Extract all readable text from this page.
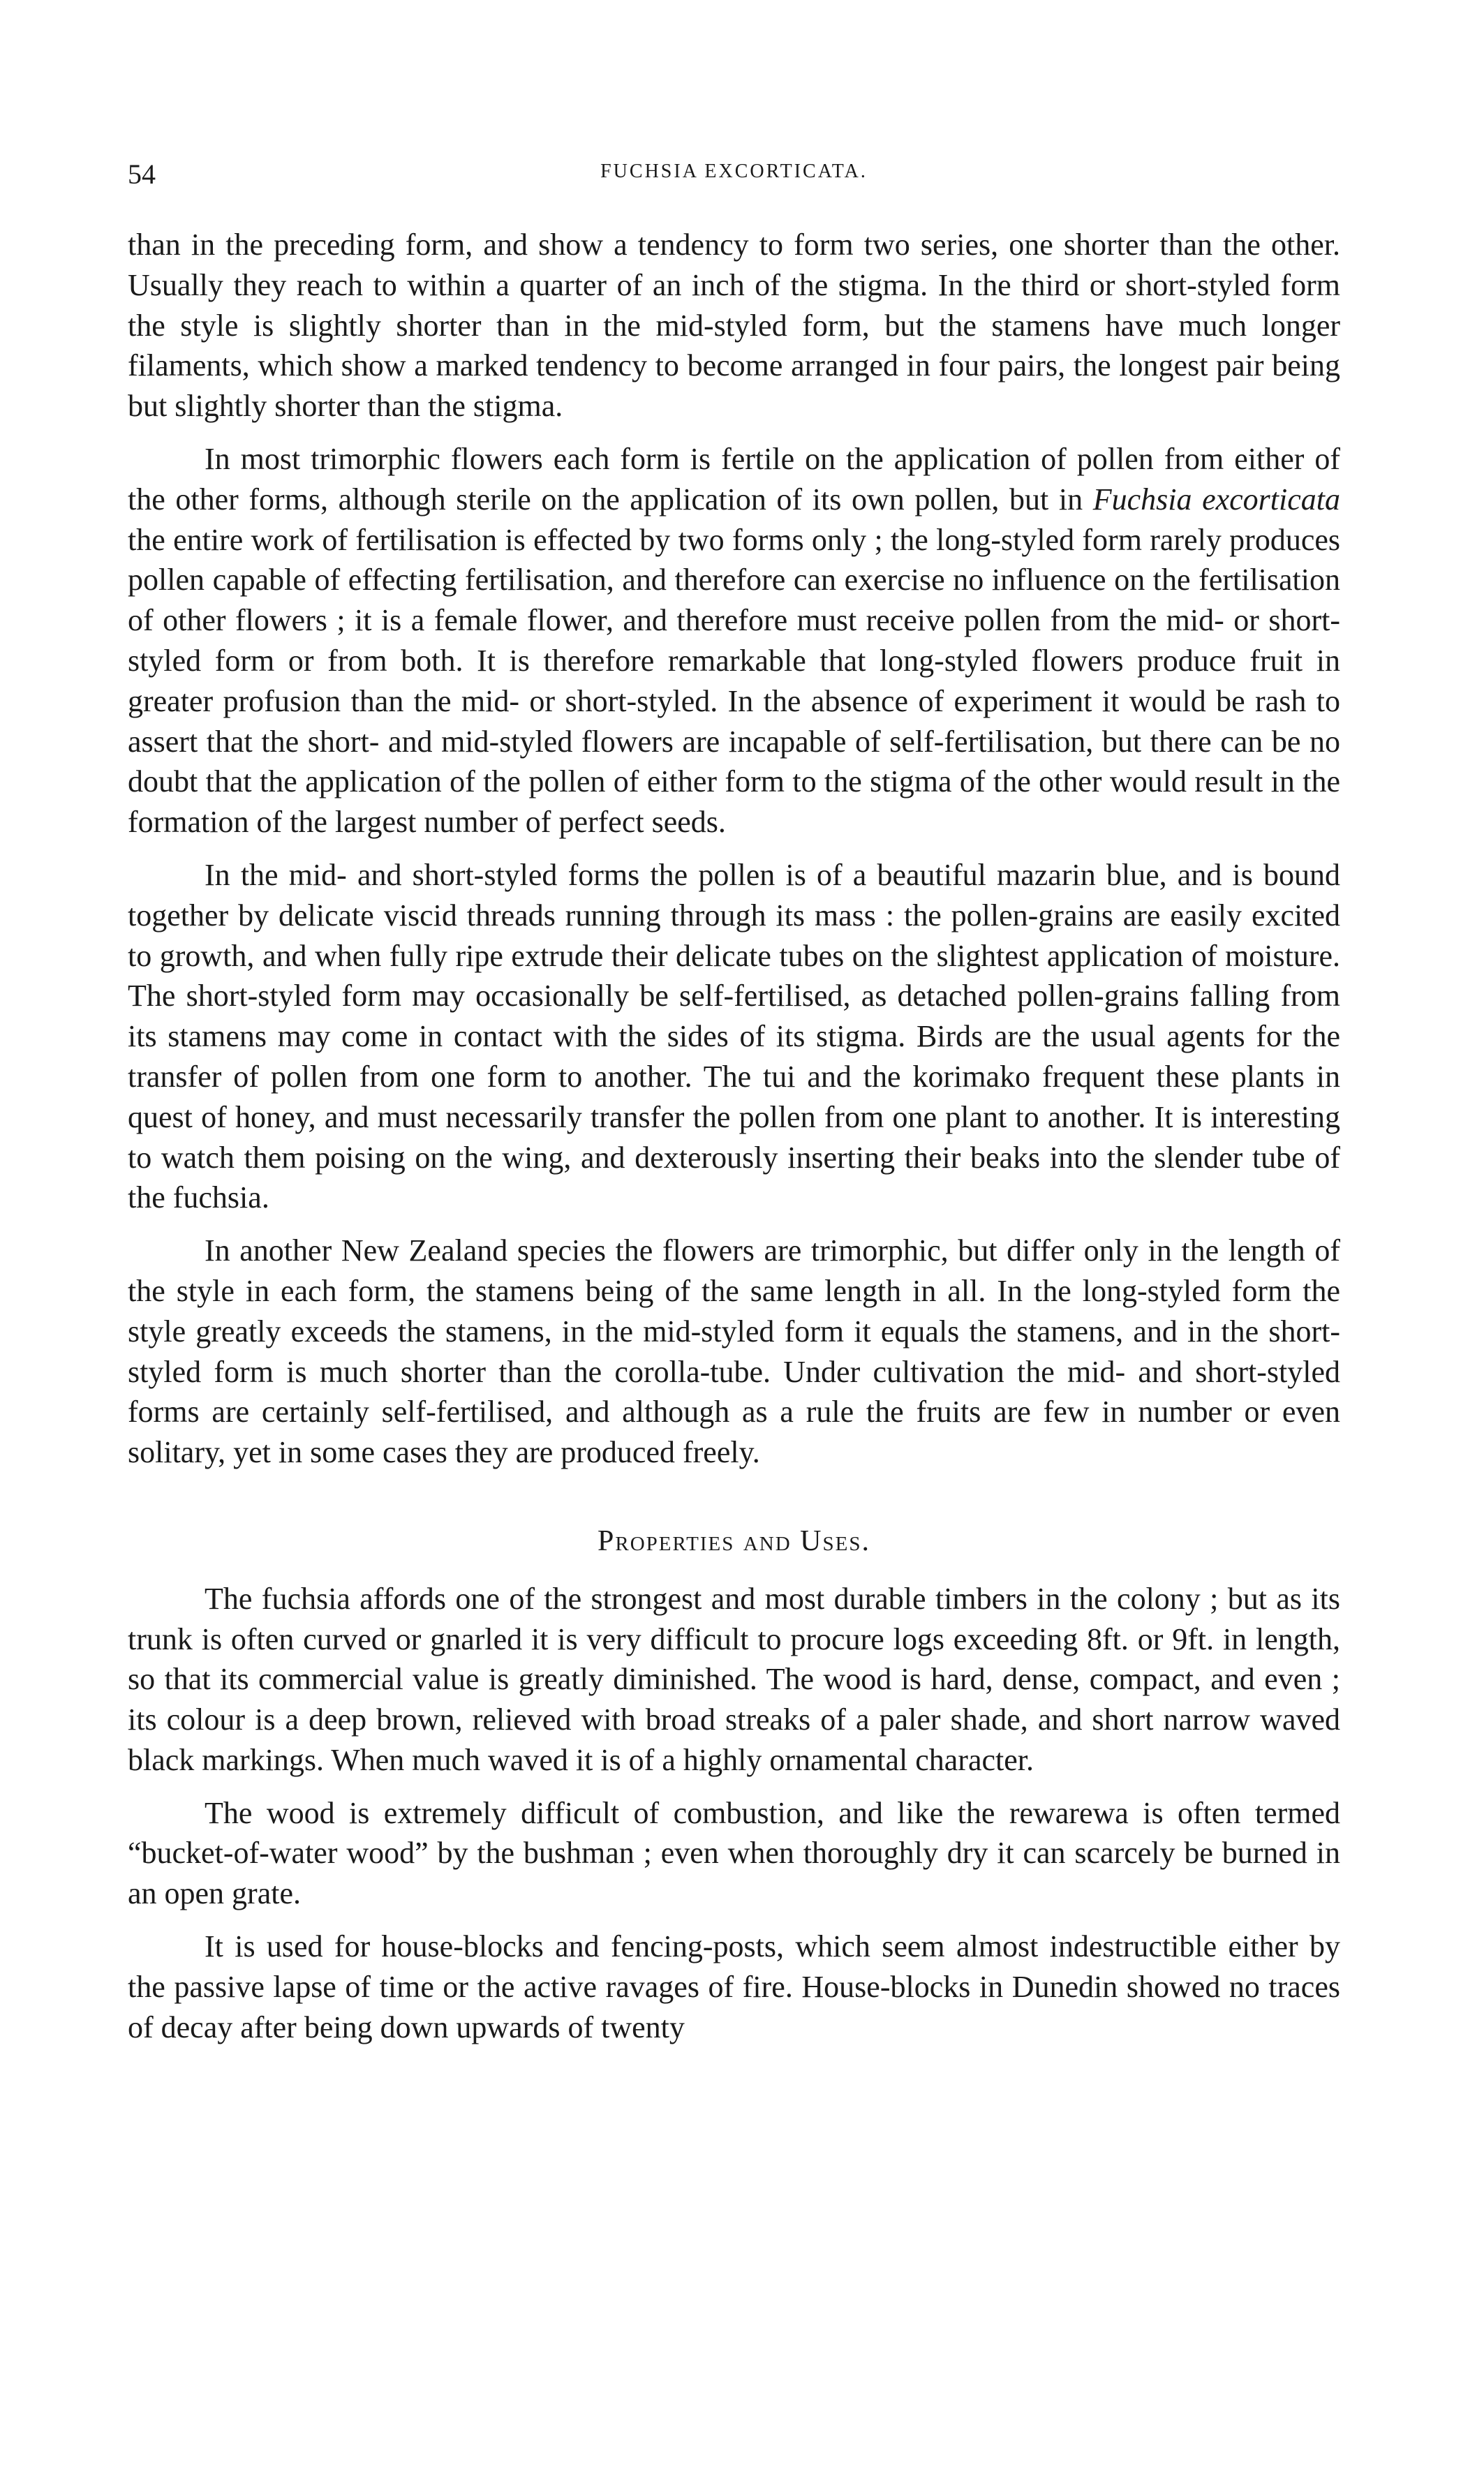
54	FUCHSIA EXCORTICATA.

than in the preceding form, and show a tendency to form two series, one shorter than the other. Usually they reach to within a quarter of an inch of the stigma. In the third or short-styled form the style is slightly shorter than in the mid-styled form, but the stamens have much longer filaments, which show a marked tendency to become arranged in four pairs, the longest pair being but slightly shorter than the stigma.

In most trimorphic flowers each form is fertile on the application of pollen from either of the other forms, although sterile on the application of its own pollen, but in Fuchsia excorticata the entire work of fertilisation is effected by two forms only ; the long-styled form rarely produces pollen capable of effecting fertilisation, and therefore can exercise no influence on the fertilisation of other flowers ; it is a female flower, and therefore must receive pollen from the mid- or short-styled form or from both. It is therefore remarkable that long-styled flowers produce fruit in greater profusion than the mid- or short-styled. In the absence of experiment it would be rash to assert that the short- and mid-styled flowers are incapable of self-fertilisation, but there can be no doubt that the application of the pollen of either form to the stigma of the other would result in the formation of the largest number of perfect seeds.

In the mid- and short-styled forms the pollen is of a beautiful mazarin blue, and is bound together by delicate viscid threads running through its mass : the pollen-grains are easily excited to growth, and when fully ripe extrude their delicate tubes on the slightest application of moisture. The short-styled form may occasionally be self-fertilised, as detached pollen-grains falling from its stamens may come in contact with the sides of its stigma. Birds are the usual agents for the transfer of pollen from one form to another. The tui and the korimako frequent these plants in quest of honey, and must necessarily transfer the pollen from one plant to another. It is interesting to watch them poising on the wing, and dexterously inserting their beaks into the slender tube of the fuchsia.

In another New Zealand species the flowers are trimorphic, but differ only in the length of the style in each form, the stamens being of the same length in all. In the long-styled form the style greatly exceeds the stamens, in the mid-styled form it equals the stamens, and in the short-styled form is much shorter than the corolla-tube. Under cultivation the mid- and short-styled forms are certainly self-fertilised, and although as a rule the fruits are few in number or even solitary, yet in some cases they are produced freely.

Properties and Uses.

The fuchsia affords one of the strongest and most durable timbers in the colony ; but as its trunk is often curved or gnarled it is very difficult to procure logs exceeding 8ft. or 9ft. in length, so that its commercial value is greatly diminished. The wood is hard, dense, compact, and even ; its colour is a deep brown, relieved with broad streaks of a paler shade, and short narrow waved black markings. When much waved it is of a highly ornamental character.

The wood is extremely difficult of combustion, and like the rewarewa is often termed “bucket-of-water wood” by the bushman ; even when thoroughly dry it can scarcely be burned in an open grate.

It is used for house-blocks and fencing-posts, which seem almost indestructible either by the passive lapse of time or the active ravages of fire. House-blocks in Dunedin showed no traces of decay after being down upwards of twenty
